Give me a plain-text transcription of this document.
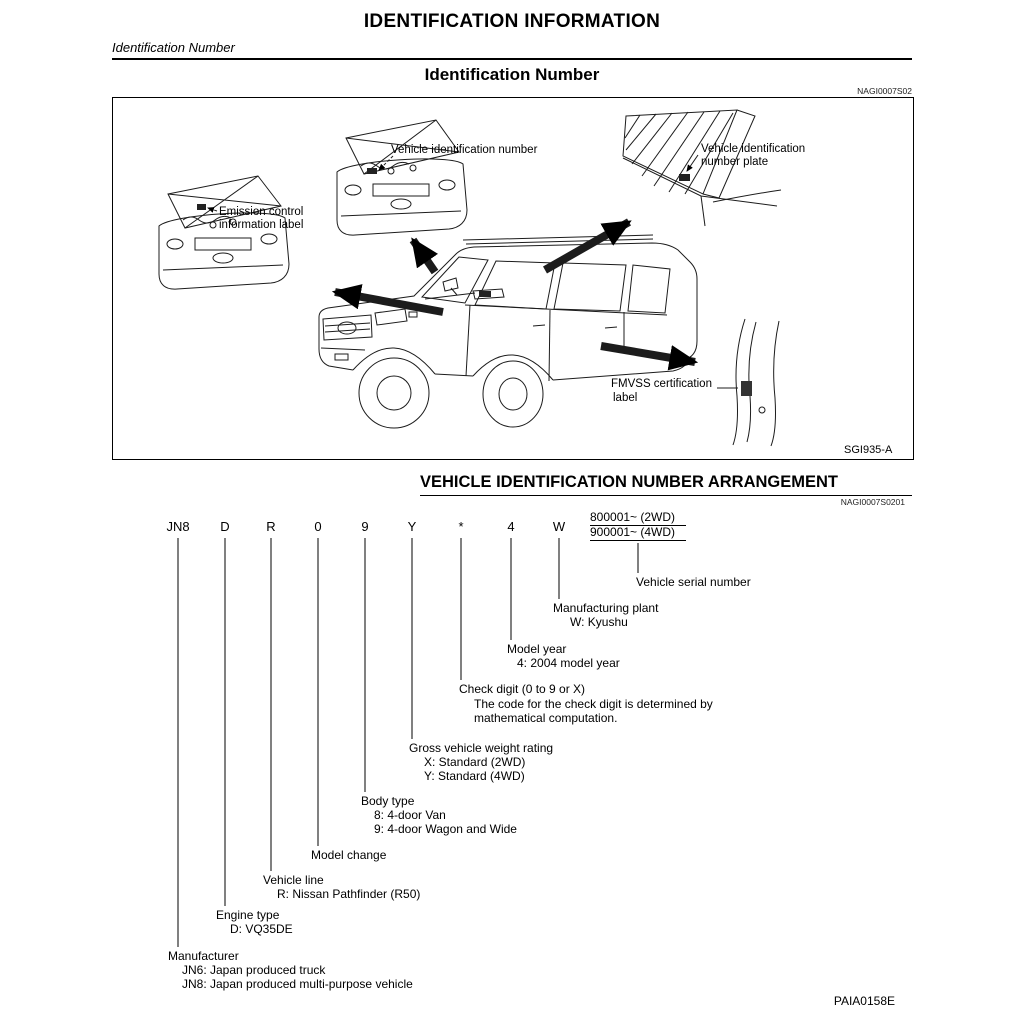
IDENTIFICATION INFORMATION
Identification Number
Identification Number
NAGI0007S02
Vehicle identification number
Emission control
information label
Vehicle identification
number plate
FMVSS certification
label
SGI935-A
VEHICLE IDENTIFICATION NUMBER ARRANGEMENT
NAGI0007S0201
JN8	D	R	0	9	Y	*	4	W
800001~ (2WD)
900001~ (4WD)
Vehicle serial number
Manufacturing plant
W: Kyushu
Model year
4: 2004 model year
Check digit (0 to 9 or X)
The code for the check digit is determined by
mathematical computation.
Gross vehicle weight rating
X: Standard (2WD)
Y: Standard (4WD)
Body type
8: 4-door Van
9: 4-door Wagon and Wide
Model change
Vehicle line
R: Nissan Pathfinder (R50)
Engine type
D: VQ35DE
Manufacturer
JN6: Japan produced truck
JN8: Japan produced multi-purpose vehicle
PAIA0158E
